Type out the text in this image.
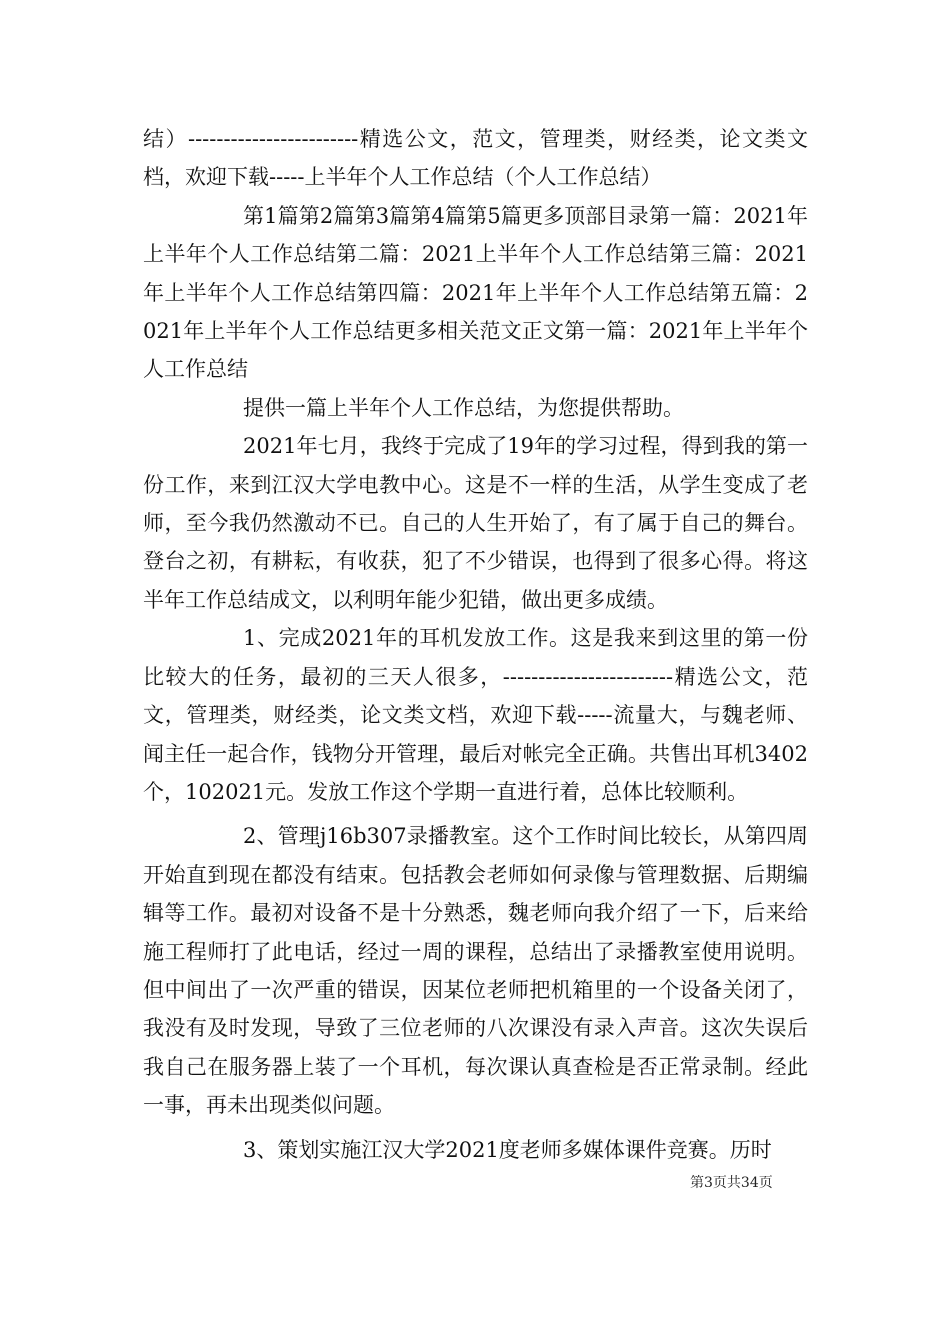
结）------------------------精选公文，范文，管理类，财经类，论文类文档，欢迎下载-----上半年个人工作总结（个人工作总结）

第1篇第2篇第3篇第4篇第5篇更多顶部目录第一篇：2021年上半年个人工作总结第二篇：2021上半年个人工作总结第三篇：2021年上半年个人工作总结第四篇：2021年上半年个人工作总结第五篇：2021年上半年个人工作总结更多相关范文正文第一篇：2021年上半年个人工作总结

提供一篇上半年个人工作总结，为您提供帮助。

2021年七月，我终于完成了19年的学习过程，得到我的第一份工作，来到江汉大学电教中心。这是不一样的生活，从学生变成了老师，至今我仍然激动不已。自己的人生开始了，有了属于自己的舞台。登台之初，有耕耘，有收获，犯了不少错误，也得到了很多心得。将这半年工作总结成文，以利明年能少犯错，做出更多成绩。

1、完成2021年的耳机发放工作。这是我来到这里的第一份比较大的任务，最初的三天人很多，------------------------精选公文，范文，管理类，财经类，论文类文档，欢迎下载-----流量大，与魏老师、闻主任一起合作，钱物分开管理，最后对帐完全正确。共售出耳机3402个，102021元。发放工作这个学期一直进行着，总体比较顺利。

2、管理j16b307录播教室。这个工作时间比较长，从第四周开始直到现在都没有结束。包括教会老师如何录像与管理数据、后期编辑等工作。最初对设备不是十分熟悉，魏老师向我介绍了一下，后来给施工程师打了此电话，经过一周的课程，总结出了录播教室使用说明。但中间出了一次严重的错误，因某位老师把机箱里的一个设备关闭了，我没有及时发现，导致了三位老师的八次课没有录入声音。这次失误后我自己在服务器上装了一个耳机，每次课认真查检是否正常录制。经此一事，再未出现类似问题。

3、策划实施江汉大学2021度老师多媒体课件竞赛。历时

第3页共34页
